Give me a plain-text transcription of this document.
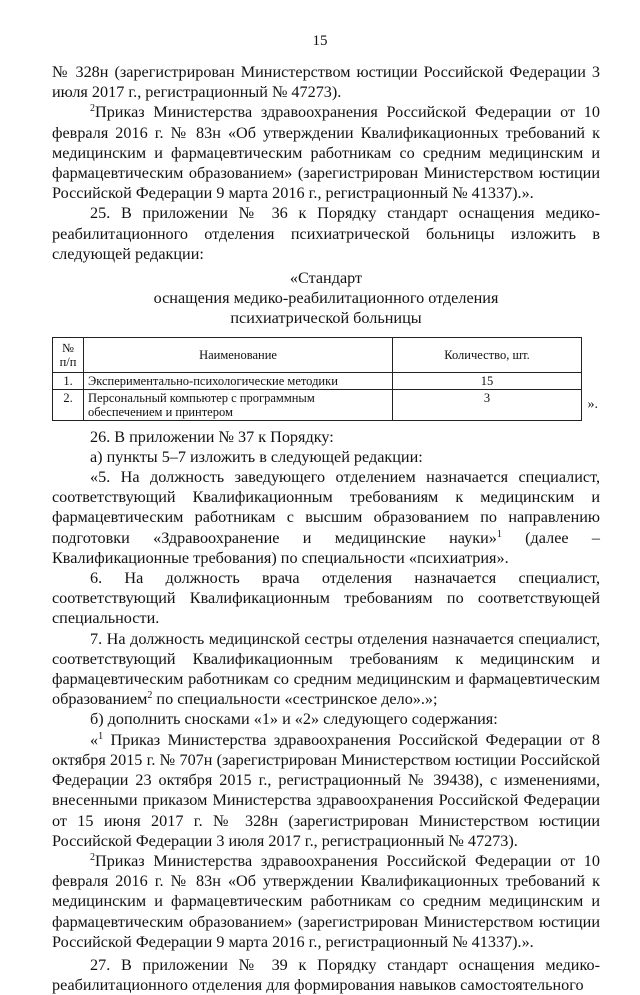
15

№ 328н (зарегистрирован Министерством юстиции Российской Федерации 3 июля 2017 г., регистрационный № 47273).

$^2$Приказ Министерства здравоохранения Российской Федерации от 10 февраля 2016 г. № 83н «Об утверждении Квалификационных требований к медицинским и фармацевтическим работникам со средним медицинским и фармацевтическим образованием» (зарегистрирован Министерством юстиции Российской Федерации 9 марта 2016 г., регистрационный № 41337).».

25. В приложении № 36 к Порядку стандарт оснащения медико-реабилитационного отделения психиатрической больницы изложить в следующей редакции:

«Стандарт

оснащения медико-реабилитационного отделения

психиатрической больницы

№ п/п	Наименование	Количество, шт.
1.	Экспериментально-психологические методики	15
2.	Персональный компьютер с программным обеспечением и принтером	3	».

26. В приложении № 37 к Порядку:

а) пункты 5–7 изложить в следующей редакции:

«5. На должность заведующего отделением назначается специалист, соответствующий Квалификационным требованиям к медицинским и фармацевтическим работникам с высшим образованием по направлению подготовки «Здравоохранение и медицинские науки»$^1$ (далее – Квалификационные требования) по специальности «психиатрия».

6. На должность врача отделения назначается специалист, соответствующий Квалификационным требованиям по соответствующей специальности.

7. На должность медицинской сестры отделения назначается специалист, соответствующий Квалификационным требованиям к медицинским и фармацевтическим работникам со средним медицинским и фармацевтическим образованием$^2$ по специальности «сестринское дело».»;

б) дополнить сносками «1» и «2» следующего содержания:

«$^1$ Приказ Министерства здравоохранения Российской Федерации от 8 октября 2015 г. № 707н (зарегистрирован Министерством юстиции Российской Федерации 23 октября 2015 г., регистрационный № 39438), с изменениями, внесенными приказом Министерства здравоохранения Российской Федерации от 15 июня 2017 г. № 328н (зарегистрирован Министерством юстиции Российской Федерации 3 июля 2017 г., регистрационный № 47273).

$^2$Приказ Министерства здравоохранения Российской Федерации от 10 февраля 2016 г. № 83н «Об утверждении Квалификационных требований к медицинским и фармацевтическим работникам со средним медицинским и фармацевтическим образованием» (зарегистрирован Министерством юстиции Российской Федерации 9 марта 2016 г., регистрационный № 41337).».

27. В приложении № 39 к Порядку стандарт оснащения медико-реабилитационного отделения для формирования навыков самостоятельного
